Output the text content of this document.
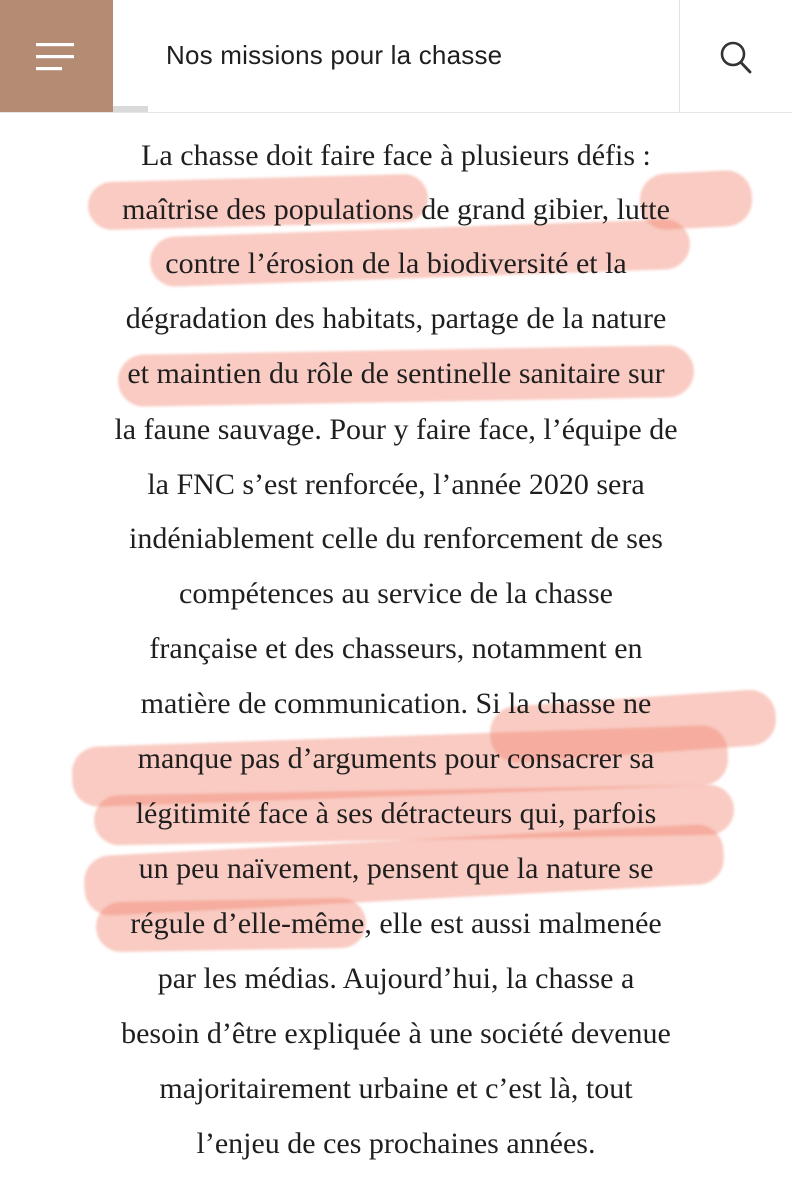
La chasse doit faire face à plusieurs défis :
maîtrise des populations de grand gibier, lutte
contre l’érosion de la biodiversité et la
dégradation des habitats, partage de la nature
et maintien du rôle de sentinelle sanitaire sur
la faune sauvage. Pour y faire face, l’équipe de
la FNC s’est renforcée, l’année 2020 sera
indéniablement celle du renforcement de ses
compétences au service de la chasse
française et des chasseurs, notamment en
matière de communication. Si la chasse ne
manque pas d’arguments pour consacrer sa
légitimité face à ses détracteurs qui, parfois
un peu naïvement, pensent que la nature se
régule d’elle-même, elle est aussi malmenée
par les médias. Aujourd’hui, la chasse a
besoin d’être expliquée à une société devenue
majoritairement urbaine et c’est là, tout
l’enjeu de ces prochaines années.
Nos missions pour la chasse
